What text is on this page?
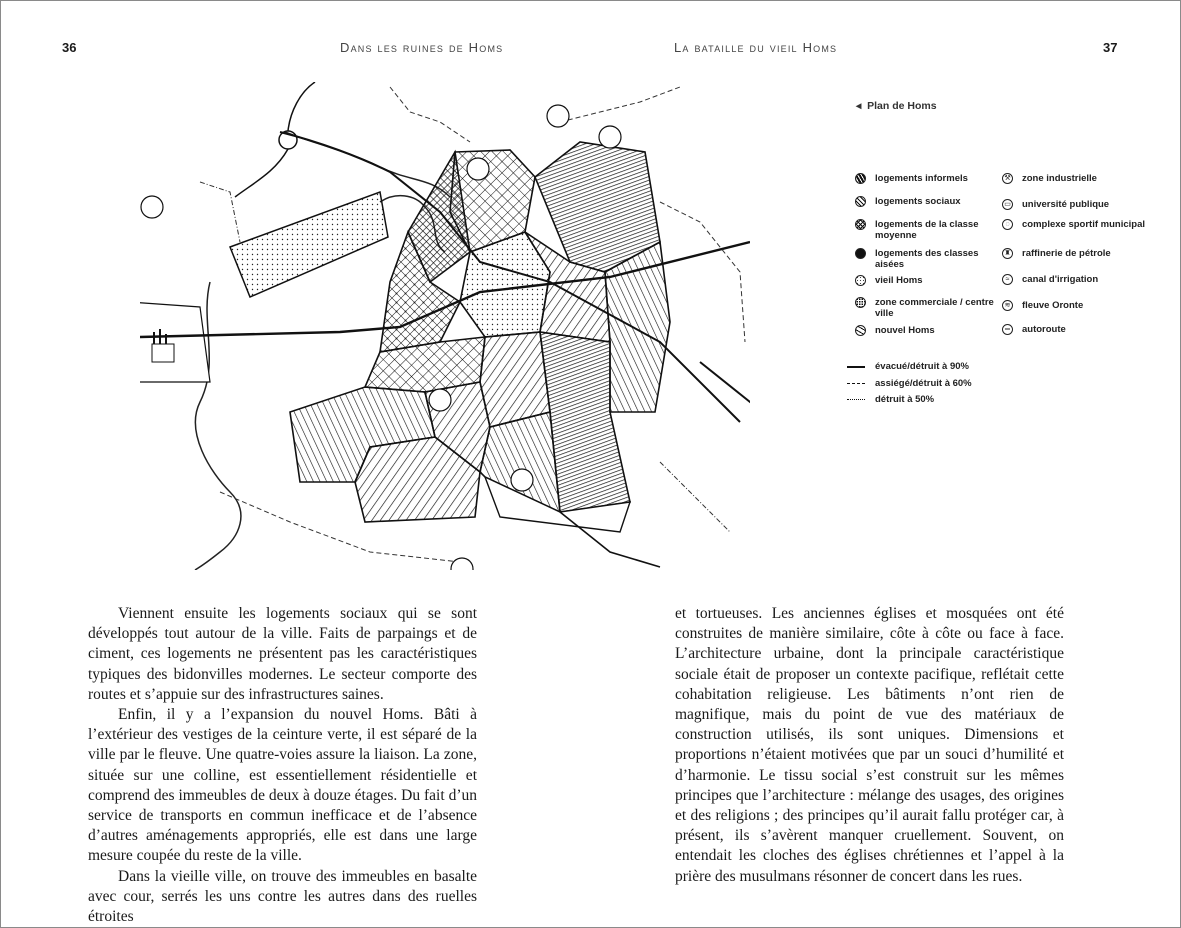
36	Dans les ruines de Homs	La bataille du vieil Homs	37
◂  Plan de Homs
logements informels
logements sociaux
logements de la classe moyenne
logements des classes aisées
vieil Homs
zone commerciale / centre ville
nouvel Homs
⚒ zone industrielle
▭ université publique
◌	complexe sportif municipal
♜ raffinerie de pétrole
≈	canal d'irrigation
≋ fleuve Oronte
═	autoroute
évacué/détruit à 90%
assiégé/détruit à 60%
détruit à 50%

Viennent ensuite les logements sociaux qui se sont développés tout autour de la ville. Faits de parpaings et de ciment, ces logements ne présentent pas les caractéristiques typiques des bidonvilles modernes. Le secteur comporte des routes et s’appuie sur des infrastructures saines.

Enfin, il y a l’expansion du nouvel Homs. Bâti à l’extérieur des vestiges de la ceinture verte, il est séparé de la ville par le fleuve. Une quatre-voies assure la liaison. La zone, située sur une colline, est essentiellement résidentielle et comprend des immeubles de deux à douze étages. Du fait d’un service de transports en commun inefficace et de l’absence d’autres aménagements appropriés, elle est dans une large mesure coupée du reste de la ville.

Dans la vieille ville, on trouve des immeubles en basalte avec cour, serrés les uns contre les autres dans des ruelles étroites

et tortueuses. Les anciennes églises et mosquées ont été construites de manière similaire, côte à côte ou face à face. L’architecture urbaine, dont la principale caractéristique sociale était de proposer un contexte pacifique, reflétait cette cohabitation religieuse. Les bâtiments n’ont rien de magnifique, mais du point de vue des matériaux de construction utilisés, ils sont uniques. Dimensions et proportions n’étaient motivées que par un souci d’humilité et d’harmonie. Le tissu social s’est construit sur les mêmes principes que l’architecture : mélange des usages, des origines et des religions ; des principes qu’il aurait fallu protéger car, à présent, ils s’avèrent manquer cruellement. Souvent, on entendait les cloches des églises chrétiennes et l’appel à la prière des musulmans résonner de concert dans les rues.
